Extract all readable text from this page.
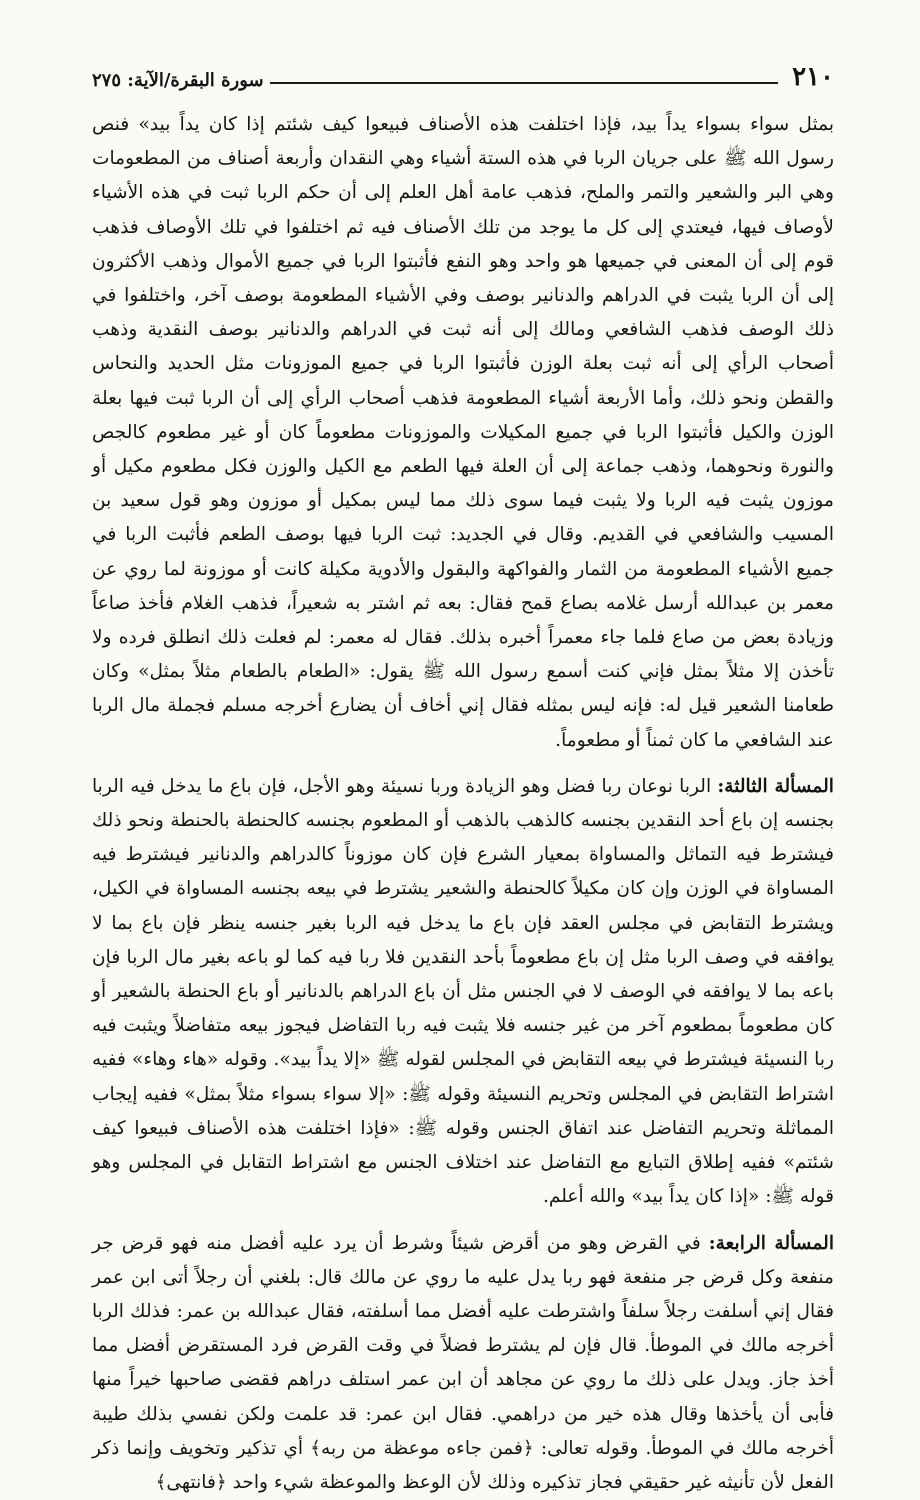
٢١٠
سورة البقرة/الآية: ٢٧٥

بمثل سواء بسواء يداً بيد، فإذا اختلفت هذه الأصناف فبيعوا كيف شئتم إذا كان يداً بيد» فنص رسول الله ﷺ على جريان الربا في هذه الستة أشياء وهي النقدان وأربعة أصناف من المطعومات وهي البر والشعير والتمر والملح، فذهب عامة أهل العلم إلى أن حكم الربا ثبت في هذه الأشياء لأوصاف فيها، فيعتدي إلى كل ما يوجد من تلك الأصناف فيه ثم اختلفوا في تلك الأوصاف فذهب قوم إلى أن المعنى في جميعها هو واحد وهو النفع فأثبتوا الربا في جميع الأموال وذهب الأكثرون إلى أن الربا يثبت في الدراهم والدنانير بوصف وفي الأشياء المطعومة بوصف آخر، واختلفوا في ذلك الوصف فذهب الشافعي ومالك إلى أنه ثبت في الدراهم والدنانير بوصف النقدية وذهب أصحاب الرأي إلى أنه ثبت بعلة الوزن فأثبتوا الربا في جميع الموزونات مثل الحديد والنحاس والقطن ونحو ذلك، وأما الأربعة أشياء المطعومة فذهب أصحاب الرأي إلى أن الربا ثبت فيها بعلة الوزن والكيل فأثبتوا الربا في جميع المكيلات والموزونات مطعوماً كان أو غير مطعوم كالجص والنورة ونحوهما، وذهب جماعة إلى أن العلة فيها الطعم مع الكيل والوزن فكل مطعوم مكيل أو موزون يثبت فيه الربا ولا يثبت فيما سوى ذلك مما ليس بمكيل أو موزون وهو قول سعيد بن المسيب والشافعي في القديم. وقال في الجديد: ثبت الربا فيها بوصف الطعم فأثبت الربا في جميع الأشياء المطعومة من الثمار والفواكهة والبقول والأدوية مكيلة كانت أو موزونة لما روي عن معمر بن عبدالله أرسل غلامه بصاع قمح فقال: بعه ثم اشتر به شعيراً، فذهب الغلام فأخذ صاعاً وزيادة بعض من صاع فلما جاء معمراً أخبره بذلك. فقال له معمر: لم فعلت ذلك انطلق فرده ولا تأخذن إلا مثلاً بمثل فإني كنت أسمع رسول الله ﷺ يقول: «الطعام بالطعام مثلاً بمثل» وكان طعامنا الشعير قيل له: فإنه ليس بمثله فقال إني أخاف أن يضارع أخرجه مسلم فجملة مال الربا عند الشافعي ما كان ثمناً أو مطعوماً.

المسألة الثالثة: الربا نوعان ربا فضل وهو الزيادة وربا نسيئة وهو الأجل، فإن باع ما يدخل فيه الربا بجنسه إن باع أحد النقدين بجنسه كالذهب بالذهب أو المطعوم بجنسه كالحنطة بالحنطة ونحو ذلك فيشترط فيه التماثل والمساواة بمعيار الشرع فإن كان موزوناً كالدراهم والدنانير فيشترط فيه المساواة في الوزن وإن كان مكيلاً كالحنطة والشعير يشترط في بيعه بجنسه المساواة في الكيل، ويشترط التقابض في مجلس العقد فإن باع ما يدخل فيه الربا بغير جنسه ينظر فإن باع بما لا يوافقه في وصف الربا مثل إن باع مطعوماً بأحد النقدين فلا ربا فيه كما لو باعه بغير مال الربا فإن باعه بما لا يوافقه في الوصف لا في الجنس مثل أن باع الدراهم بالدنانير أو باع الحنطة بالشعير أو كان مطعوماً بمطعوم آخر من غير جنسه فلا يثبت فيه ربا التفاضل فيجوز بيعه متفاضلاً ويثبت فيه ربا النسيئة فيشترط في بيعه التقابض في المجلس لقوله ﷺ «إلا يداً بيد». وقوله «هاء وهاء» ففيه اشتراط التقابض في المجلس وتحريم النسيئة وقوله ﷺ: «إلا سواء بسواء مثلاً بمثل» ففيه إيجاب المماثلة وتحريم التفاضل عند اتفاق الجنس وقوله ﷺ: «فإذا اختلفت هذه الأصناف فبيعوا كيف شئتم» ففيه إطلاق التبايع مع التفاضل عند اختلاف الجنس مع اشتراط التقابل في المجلس وهو قوله ﷺ: «إذا كان يداً بيد» والله أعلم.

المسألة الرابعة: في القرض وهو من أقرض شيئاً وشرط أن يرد عليه أفضل منه فهو قرض جر منفعة وكل قرض جر منفعة فهو ربا يدل عليه ما روي عن مالك قال: بلغني أن رجلاً أتى ابن عمر فقال إني أسلفت رجلاً سلفاً واشترطت عليه أفضل مما أسلفته، فقال عبدالله بن عمر: فذلك الربا أخرجه مالك في الموطأ. قال فإن لم يشترط فضلاً في وقت القرض فرد المستقرض أفضل مما أخذ جاز. ويدل على ذلك ما روي عن مجاهد أن ابن عمر استلف دراهم فقضى صاحبها خيراً منها فأبى أن يأخذها وقال هذه خير من دراهمي. فقال ابن عمر: قد علمت ولكن نفسي بذلك طيبة أخرجه مالك في الموطأ. وقوله تعالى: ﴿فمن جاءه موعظة من ربه﴾ أي تذكير وتخويف وإنما ذكر الفعل لأن تأنيثه غير حقيقي فجاز تذكيره وذلك لأن الوعظ والموعظة شيء واحد ﴿فانتهى﴾
